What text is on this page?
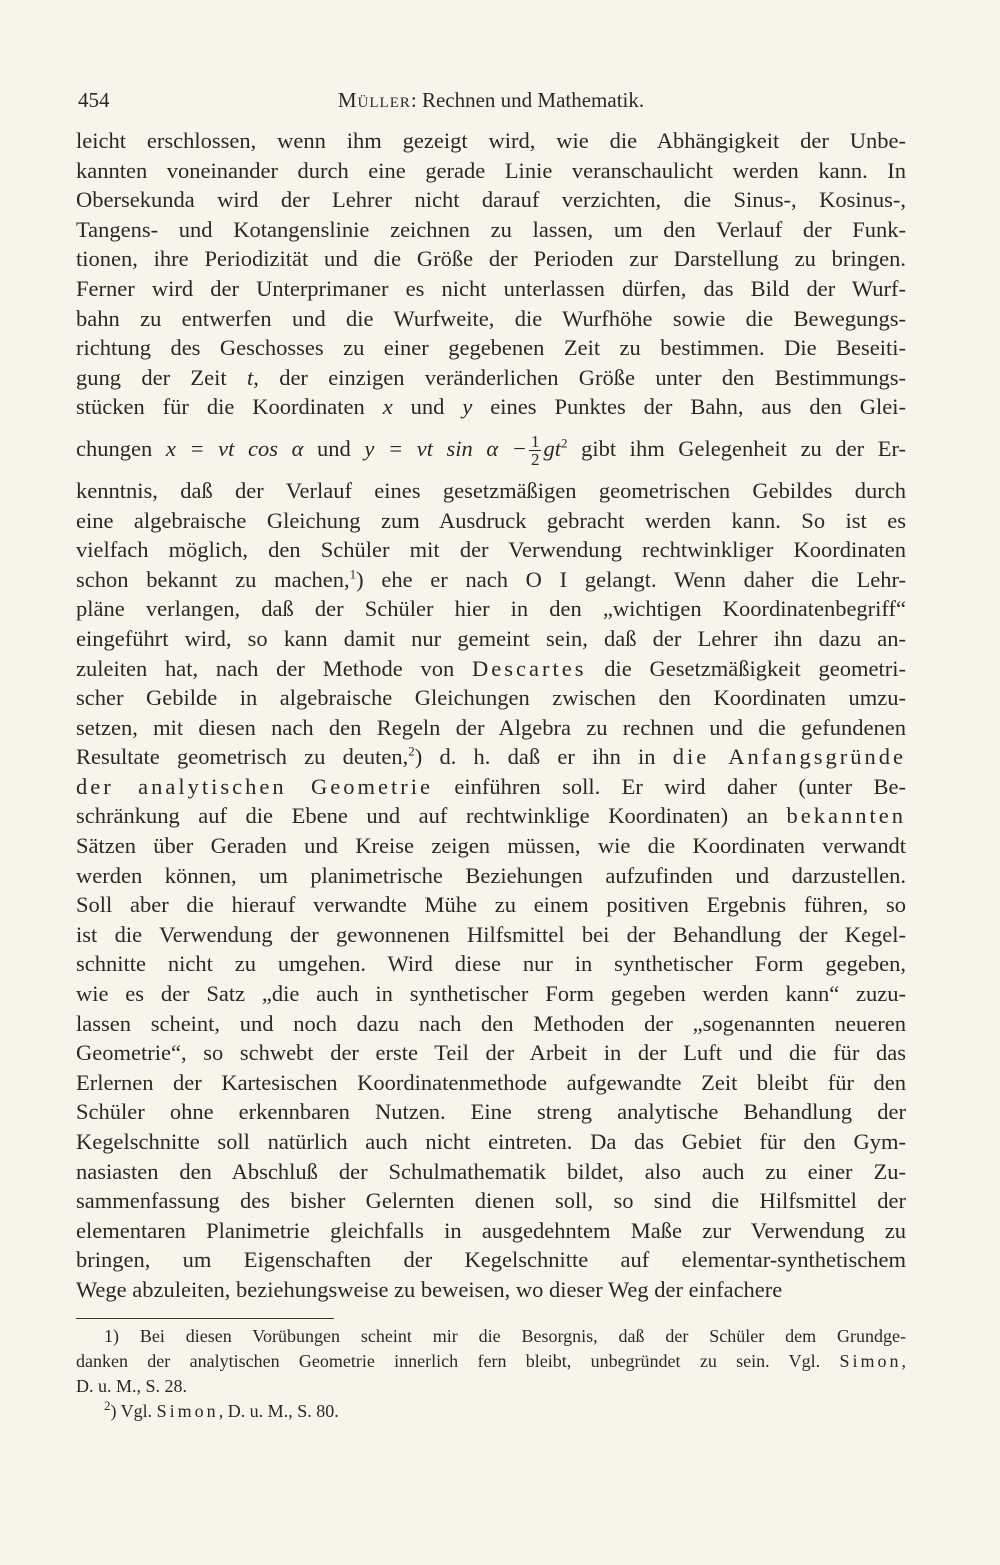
454	Müller: Rechnen und Mathematik.
leicht erschlossen, wenn ihm gezeigt wird, wie die Abhängigkeit der Unbe-
kannten voneinander durch eine gerade Linie veranschaulicht werden kann. In
Obersekunda wird der Lehrer nicht darauf verzichten, die Sinus-, Kosinus-,
Tangens- und Kotangenslinie zeichnen zu lassen, um den Verlauf der Funk-
tionen, ihre Periodizität und die Größe der Perioden zur Darstellung zu bringen.
Ferner wird der Unterprimaner es nicht unterlassen dürfen, das Bild der Wurf-
bahn zu entwerfen und die Wurfweite, die Wurfhöhe sowie die Bewegungs-
richtung des Geschosses zu einer gegebenen Zeit zu bestimmen. Die Beseiti-
gung der Zeit t, der einzigen veränderlichen Größe unter den Bestimmungs-
stücken für die Koordinaten x und y eines Punktes der Bahn, aus den Glei-
chungen x = vt cos α und y = vt $\sin \alpha - \frac{1}{2} gt^2$ gibt ihm Gelegenheit zu der Er-
kenntnis, daß der Verlauf eines gesetzmäßigen geometrischen Gebildes durch
eine algebraische Gleichung zum Ausdruck gebracht werden kann. So ist es
vielfach möglich, den Schüler mit der Verwendung rechtwinkliger Koordinaten
schon bekannt zu machen,$^1$) ehe er nach O I gelangt. Wenn daher die Lehr-
pläne verlangen, daß der Schüler hier in den „wichtigen Koordinatenbegriff“
eingeführt wird, so kann damit nur gemeint sein, daß der Lehrer ihn dazu an-
zuleiten hat, nach der Methode von Descartes die Gesetzmäßigkeit geometri-
scher Gebilde in algebraische Gleichungen zwischen den Koordinaten umzu-
setzen, mit diesen nach den Regeln der Algebra zu rechnen und die gefundenen
Resultate geometrisch zu deuten,$^2$) d. h. daß er ihn in die Anfangsgründe
der analytischen Geometrie einführen soll. Er wird daher (unter Be-
schränkung auf die Ebene und auf rechtwinklige Koordinaten) an bekannten
Sätzen über Geraden und Kreise zeigen müssen, wie die Koordinaten verwandt
werden können, um planimetrische Beziehungen aufzufinden und darzustellen.
Soll aber die hierauf verwandte Mühe zu einem positiven Ergebnis führen, so
ist die Verwendung der gewonnenen Hilfsmittel bei der Behandlung der Kegel-
schnitte nicht zu umgehen. Wird diese nur in synthetischer Form gegeben,
wie es der Satz „die auch in synthetischer Form gegeben werden kann“ zuzu-
lassen scheint, und noch dazu nach den Methoden der „sogenannten neueren
Geometrie“, so schwebt der erste Teil der Arbeit in der Luft und die für das
Erlernen der Kartesischen Koordinatenmethode aufgewandte Zeit bleibt für den
Schüler ohne erkennbaren Nutzen. Eine streng analytische Behandlung der
Kegelschnitte soll natürlich auch nicht eintreten. Da das Gebiet für den Gym-
nasiasten den Abschluß der Schulmathematik bildet, also auch zu einer Zu-
sammenfassung des bisher Gelernten dienen soll, so sind die Hilfsmittel der
elementaren Planimetrie gleichfalls in ausgedehntem Maße zur Verwendung zu
bringen, um Eigenschaften der Kegelschnitte auf elementar-synthetischem
Wege abzuleiten, beziehungsweise zu beweisen, wo dieser Weg der einfachere
1) Bei diesen Vorübungen scheint mir die Besorgnis, daß der Schüler dem Grundge-
danken der analytischen Geometrie innerlich fern bleibt, unbegründet zu sein. Vgl. Simon,
D. u. M., S. 28.
$^2$) Vgl. Simon, D. u. M., S. 80.
